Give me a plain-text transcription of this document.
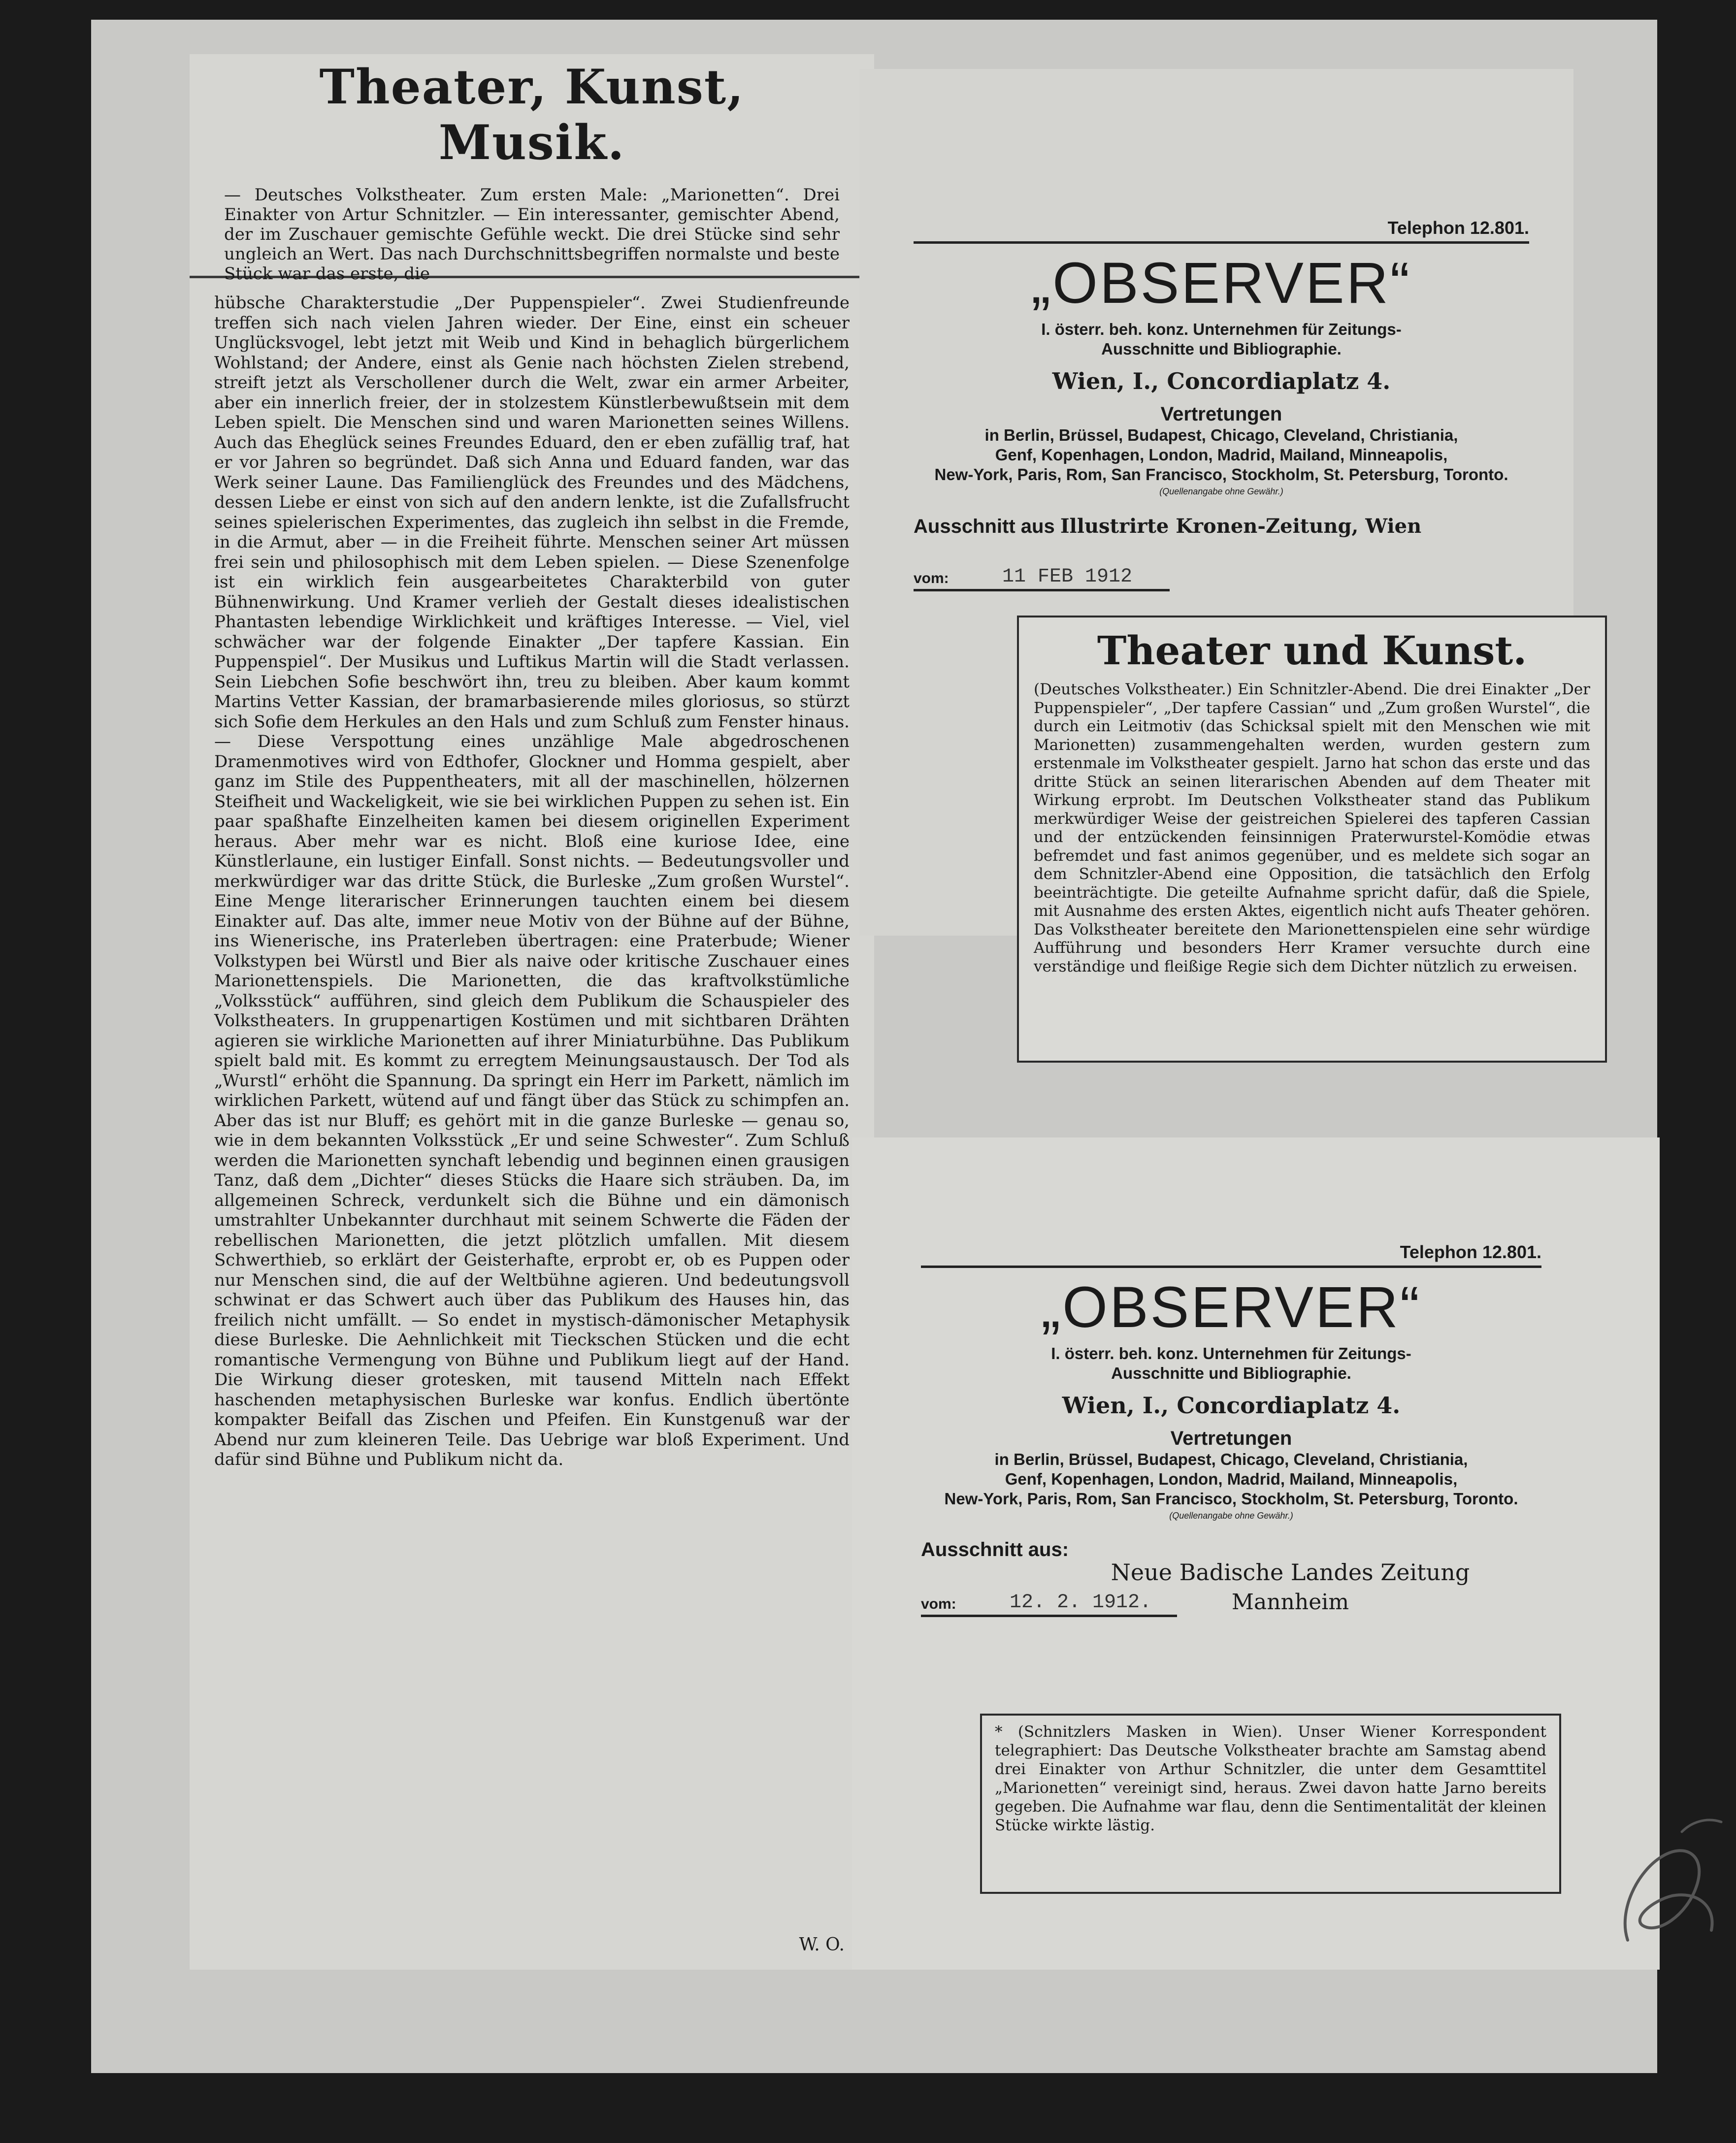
Theater, Kunst, Musik.

— Deutsches Volkstheater. Zum ersten Male: „Marionetten“. Drei Einakter von Artur Schnitzler. — Ein interessanter, gemischter Abend, der im Zuschauer gemischte Gefühle weckt. Die drei Stücke sind sehr ungleich an Wert. Das nach Durchschnittsbegriffen normalste und beste Stück war das erste, die

hübsche Charakterstudie „Der Puppenspieler“. Zwei Studienfreunde treffen sich nach vielen Jahren wieder. Der Eine, einst ein scheuer Unglücksvogel, lebt jetzt mit Weib und Kind in behaglich bürgerlichem Wohlstand; der Andere, einst als Genie nach höchsten Zielen strebend, streift jetzt als Verschollener durch die Welt, zwar ein armer Arbeiter, aber ein innerlich freier, der in stolzestem Künstlerbewußtsein mit dem Leben spielt. Die Menschen sind und waren Marionetten seines Willens. Auch das Eheglück seines Freundes Eduard, den er eben zufällig traf, hat er vor Jahren so begründet. Daß sich Anna und Eduard fanden, war das Werk seiner Laune. Das Familienglück des Freundes und des Mädchens, dessen Liebe er einst von sich auf den andern lenkte, ist die Zufallsfrucht seines spielerischen Experimentes, das zugleich ihn selbst in die Fremde, in die Armut, aber — in die Freiheit führte. Menschen seiner Art müssen frei sein und philosophisch mit dem Leben spielen. — Diese Szenenfolge ist ein wirklich fein ausgearbeitetes Charakterbild von guter Bühnenwirkung. Und Kramer verlieh der Gestalt dieses idealistischen Phantasten lebendige Wirklichkeit und kräftiges Interesse. — Viel, viel schwächer war der folgende Einakter „Der tapfere Kassian. Ein Puppenspiel“. Der Musikus und Luftikus Martin will die Stadt verlassen. Sein Liebchen Sofie beschwört ihn, treu zu bleiben. Aber kaum kommt Martins Vetter Kassian, der bramarbasierende miles gloriosus, so stürzt sich Sofie dem Herkules an den Hals und zum Schluß zum Fenster hinaus. — Diese Verspottung eines unzählige Male abgedroschenen Dramenmotives wird von Edthofer, Glockner und Homma gespielt, aber ganz im Stile des Puppentheaters, mit all der maschinellen, hölzernen Steifheit und Wackeligkeit, wie sie bei wirklichen Puppen zu sehen ist. Ein paar spaßhafte Einzelheiten kamen bei diesem originellen Experiment heraus. Aber mehr war es nicht. Bloß eine kuriose Idee, eine Künstlerlaune, ein lustiger Einfall. Sonst nichts. — Bedeutungsvoller und merkwürdiger war das dritte Stück, die Burleske „Zum großen Wurstel“. Eine Menge literarischer Erinnerungen tauchten einem bei diesem Einakter auf. Das alte, immer neue Motiv von der Bühne auf der Bühne, ins Wienerische, ins Praterleben übertragen: eine Praterbude; Wiener Volkstypen bei Würstl und Bier als naive oder kritische Zuschauer eines Marionettenspiels. Die Marionetten, die das kraftvolkstümliche „Volksstück“ aufführen, sind gleich dem Publikum die Schauspieler des Volkstheaters. In gruppenartigen Kostümen und mit sichtbaren Drähten agieren sie wirkliche Marionetten auf ihrer Miniaturbühne. Das Publikum spielt bald mit. Es kommt zu erregtem Meinungsaustausch. Der Tod als „Wurstl“ erhöht die Spannung. Da springt ein Herr im Parkett, nämlich im wirklichen Parkett, wütend auf und fängt über das Stück zu schimpfen an. Aber das ist nur Bluff; es gehört mit in die ganze Burleske — genau so, wie in dem bekannten Volksstück „Er und seine Schwester“. Zum Schluß werden die Marionetten synchaft lebendig und beginnen einen grausigen Tanz, daß dem „Dichter“ dieses Stücks die Haare sich sträuben. Da, im allgemeinen Schreck, verdunkelt sich die Bühne und ein dämonisch umstrahlter Unbekannter durchhaut mit seinem Schwerte die Fäden der rebellischen Marionetten, die jetzt plötzlich umfallen. Mit diesem Schwerthieb, so erklärt der Geisterhafte, erprobt er, ob es Puppen oder nur Menschen sind, die auf der Weltbühne agieren. Und bedeutungsvoll schwinat er das Schwert auch über das Publikum des Hauses hin, das freilich nicht umfällt. — So endet in mystisch-dämonischer Metaphysik diese Burleske. Die Aehnlichkeit mit Tieckschen Stücken und die echt romantische Vermengung von Bühne und Publikum liegt auf der Hand. Die Wirkung dieser grotesken, mit tausend Mitteln nach Effekt haschenden metaphysischen Burleske war konfus. Endlich übertönte kompakter Beifall das Zischen und Pfeifen. Ein Kunstgenuß war der Abend nur zum kleineren Teile. Das Uebrige war bloß Experiment. Und dafür sind Bühne und Publikum nicht da.

W. O.
Telephon 12.801.
„OBSERVER“
I. österr. beh. konz. Unternehmen für Zeitungs-
Ausschnitte und Bibliographie.
Wien, I., Concordiaplatz 4.
Vertretungen
in Berlin, Brüssel, Budapest, Chicago, Cleveland, Christiania,
Genf, Kopenhagen, London, Madrid, Mailand, Minneapolis,
New-York, Paris, Rom, San Francisco, Stockholm, St. Petersburg, Toronto.
(Quellenangabe ohne Gewähr.)
Ausschnitt aus Illustrirte Kronen-Zeitung, Wien
vom:	11 FEB 1912
Theater und Kunst.

(Deutsches Volkstheater.) Ein Schnitzler-Abend. Die drei Einakter „Der Puppenspieler“, „Der tapfere Cassian“ und „Zum großen Wurstel“, die durch ein Leitmotiv (das Schicksal spielt mit den Menschen wie mit Marionetten) zusammengehalten werden, wurden gestern zum erstenmale im Volkstheater gespielt. Jarno hat schon das erste und das dritte Stück an seinen literarischen Abenden auf dem Theater mit Wirkung erprobt. Im Deutschen Volkstheater stand das Publikum merkwürdiger Weise der geistreichen Spielerei des tapferen Cassian und der entzückenden feinsinnigen Praterwurstel-Komödie etwas befremdet und fast animos gegenüber, und es meldete sich sogar an dem Schnitzler-Abend eine Opposition, die tatsächlich den Erfolg beeinträchtigte. Die geteilte Aufnahme spricht dafür, daß die Spiele, mit Ausnahme des ersten Aktes, eigentlich nicht aufs Theater gehören. Das Volkstheater bereitete den Marionettenspielen eine sehr würdige Aufführung und besonders Herr Kramer versuchte durch eine verständige und fleißige Regie sich dem Dichter nützlich zu erweisen.

Telephon 12.801.
„OBSERVER“
I. österr. beh. konz. Unternehmen für Zeitungs-
Ausschnitte und Bibliographie.
Wien, I., Concordiaplatz 4.
Vertretungen
in Berlin, Brüssel, Budapest, Chicago, Cleveland, Christiania,
Genf, Kopenhagen, London, Madrid, Mailand, Minneapolis,
New-York, Paris, Rom, San Francisco, Stockholm, St. Petersburg, Toronto.
(Quellenangabe ohne Gewähr.)
Ausschnitt aus:
Neue Badische Landes Zeitung
Mannheim
vom:	12. 2. 1912.

* (Schnitzlers Masken in Wien). Unser Wiener Korrespondent telegraphiert: Das Deutsche Volkstheater brachte am Samstag abend drei Einakter von Arthur Schnitzler, die unter dem Gesamttitel „Marionetten“ vereinigt sind, heraus. Zwei davon hatte Jarno bereits gegeben. Die Aufnahme war flau, denn die Sentimentalität der kleinen Stücke wirkte lästig.
